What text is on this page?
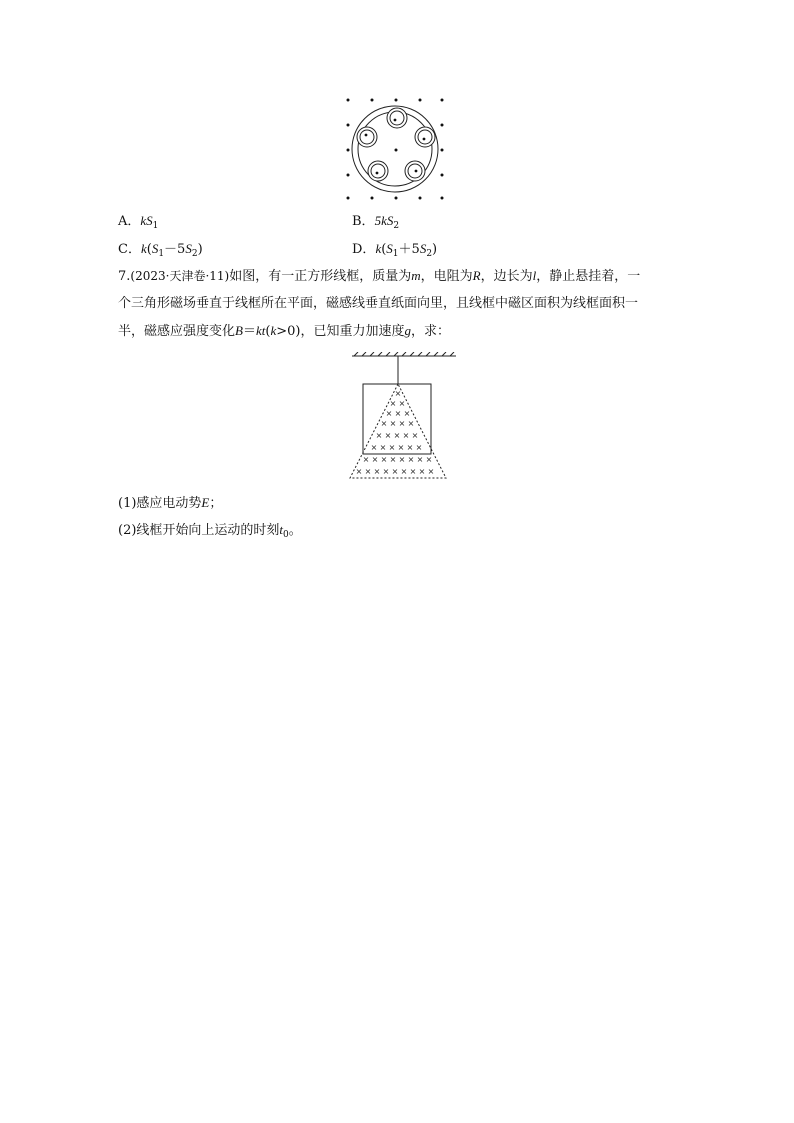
A．$kS_1$	B．$5kS_2$
C．$k(S_1-5S_2)$	D．$k(S_1+5S_2)$
7.(2023·天津卷·11)如图，有一正方形线框，质量为m，电阻为R，边长为l，静止悬挂着，一
个三角形磁场垂直于线框所在平面，磁感线垂直纸面向里，且线框中磁区面积为线框面积一
半，磁感应强度变化B＝kt(k>0)，已知重力加速度g，求：
×
× ×
× × ×
× × × ×
× × × × ×
× × × × × ×
× × × × × × × ×
× × × × × × × × ×
(1)感应电动势E；
(2)线框开始向上运动的时刻$t_0$。
